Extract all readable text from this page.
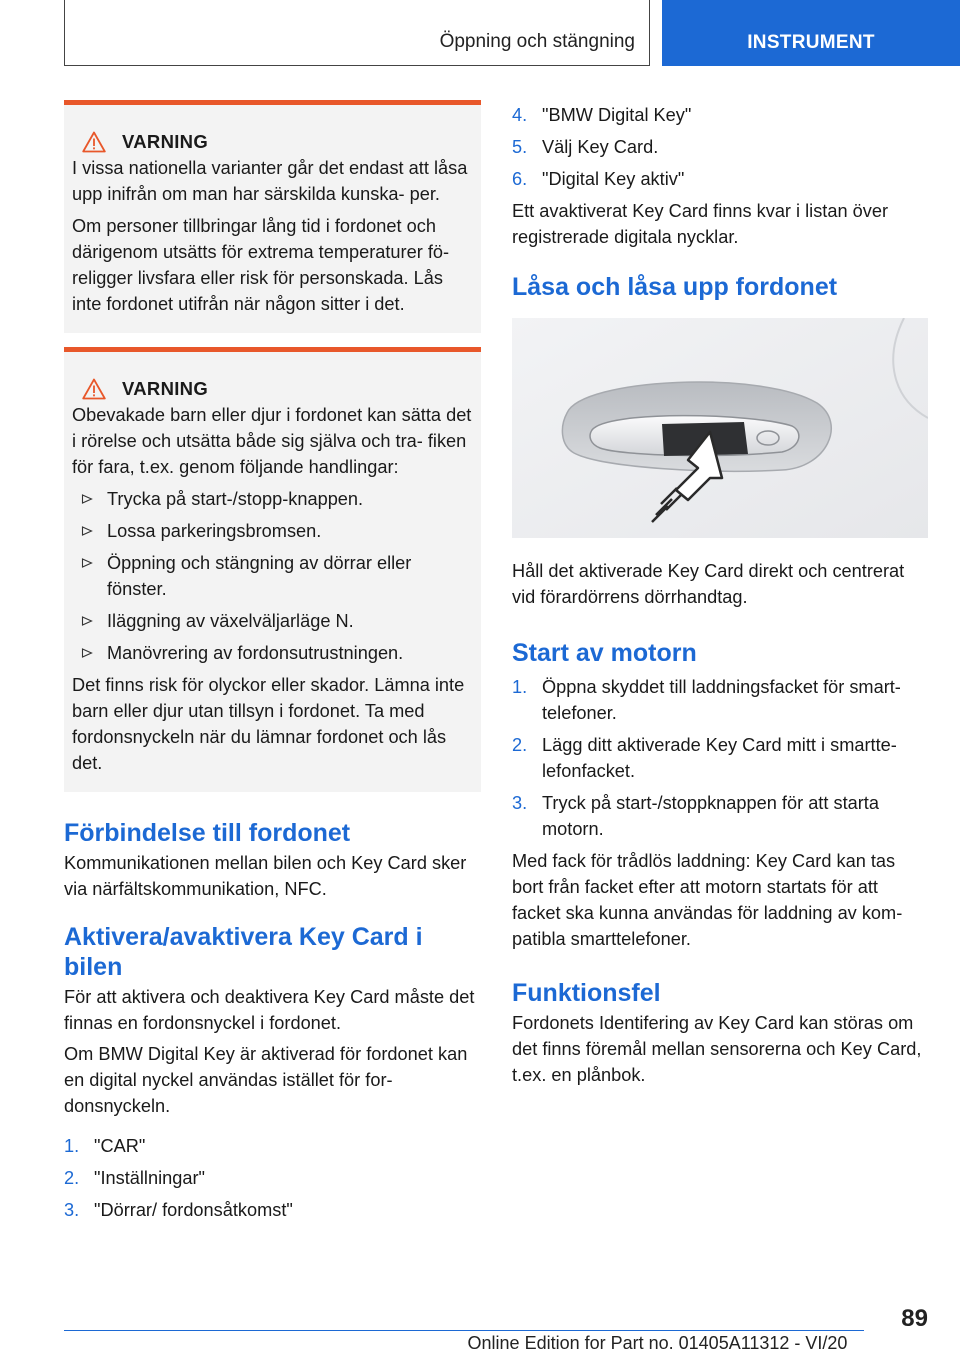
Öppning och stängning	INSTRUMENT
VARNING

I vissa nationella varianter går det endast att låsa upp inifrån om man har särskilda kunska‐ per.

Om personer tillbringar lång tid i fordonet och därigenom utsätts för extrema temperaturer fö‐ religger livsfara eller risk för personskada. Lås inte fordonet utifrån när någon sitter i det.

VARNING

Obevakade barn eller djur i fordonet kan sätta det i rörelse och utsätta både sig själva och tra‐ fiken för fara, t.ex. genom följande handlingar:

Trycka på start-/stopp-knappen.
Lossa parkeringsbromsen.
Öppning och stängning av dörrar eller fönster.
Iläggning av växelväljarläge N.
Manövrering av fordonsutrustningen.

Det finns risk för olyckor eller skador. Lämna inte barn eller djur utan tillsyn i fordonet. Ta med fordonsnyckeln när du lämnar fordonet och lås det.

Förbindelse till fordonet

Kommunikationen mellan bilen och Key Card sker via närfältskommunikation, NFC.

Aktivera/avaktivera Key Card i bilen

För att aktivera och deaktivera Key Card måste det finnas en fordonsnyckel i fordonet.

Om BMW Digital Key är aktiverad för fordonet kan en digital nyckel användas istället för for‐ donsnyckeln.

1. "CAR"
2. "Inställningar"
3. "Dörrar/ fordonsåtkomst"
4. "BMW Digital Key"
5. Välj Key Card.
6. "Digital Key aktiv"

Ett avaktiverat Key Card finns kvar i listan över registrerade digitala nycklar.

Låsa och låsa upp fordonet

Håll det aktiverade Key Card direkt och centrerat vid förardörrens dörrhandtag.

Start av motorn
1. Öppna skyddet till laddningsfacket för smart‐ telefoner.
2. Lägg ditt aktiverade Key Card mitt i smartte‐ lefonfacket.
3. Tryck på start-/stoppknappen för att starta motorn.

Med fack för trådlös laddning: Key Card kan tas bort från facket efter att motorn startats för att facket ska kunna användas för laddning av kom‐ patibla smarttelefoner.

Funktionsfel

Fordonets Identifering av Key Card kan störas om det finns föremål mellan sensorerna och Key Card, t.ex. en plånbok.

89
Online Edition for Part no. 01405A11312 - VI/20
